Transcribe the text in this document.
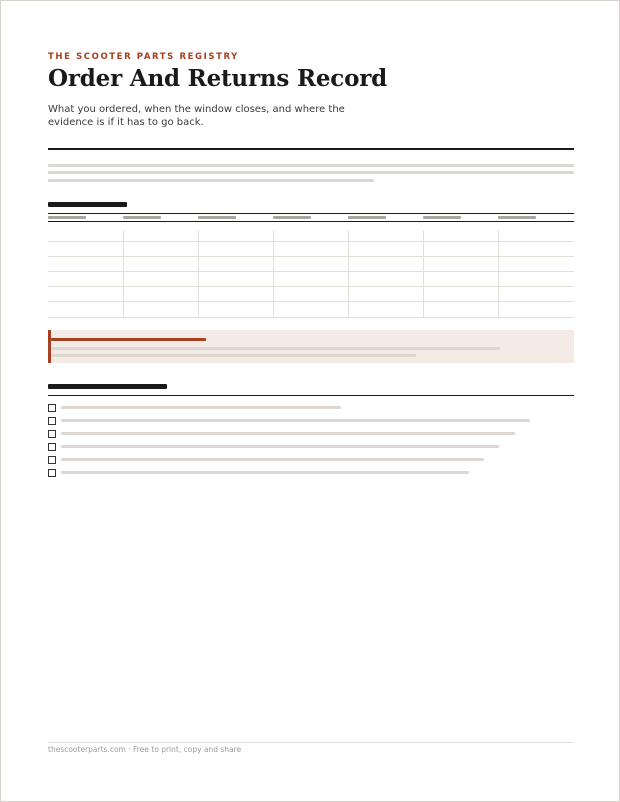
THE SCOOTER PARTS REGISTRY

Order And Returns Record

What you ordered, when the window closes, and where the evidence is if it has to go back.

thescooterparts.com · Free to print, copy and share
